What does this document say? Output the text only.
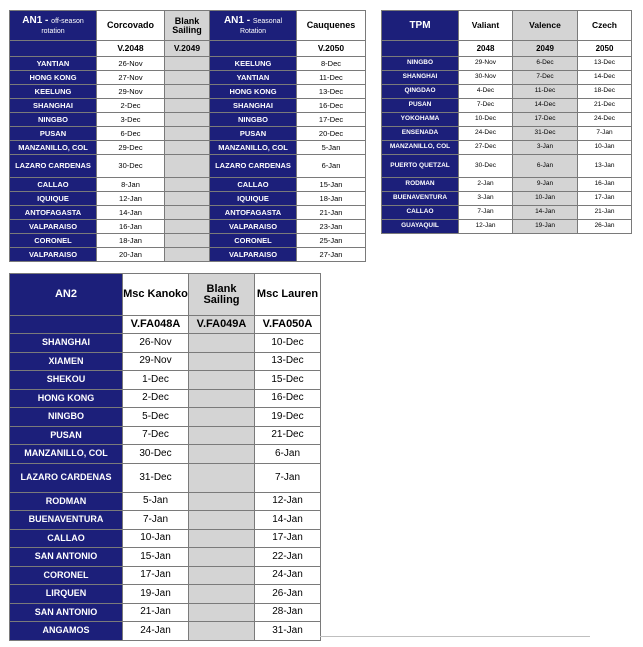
AN1 - off-season rotation	Corcovado	Blank Sailing	AN1 - Seasonal Rotation	Cauquenes
	V.2048	V.2049		V.2050
YANTIAN	26-Nov		KEELUNG	8-Dec
HONG KONG	27-Nov		YANTIAN	11-Dec
KEELUNG	29-Nov		HONG KONG	13-Dec
SHANGHAI	2-Dec		SHANGHAI	16-Dec
NINGBO	3-Dec		NINGBO	17-Dec
PUSAN	6-Dec		PUSAN	20-Dec
MANZANILLO, COL	29-Dec		MANZANILLO, COL	5-Jan
LAZARO CARDENAS	30-Dec		LAZARO CARDENAS	6-Jan
CALLAO	8-Jan		CALLAO	15-Jan
IQUIQUE	12-Jan		IQUIQUE	18-Jan
ANTOFAGASTA	14-Jan		ANTOFAGASTA	21-Jan
VALPARAISO	16-Jan		VALPARAISO	23-Jan
CORONEL	18-Jan		CORONEL	25-Jan
VALPARAISO	20-Jan		VALPARAISO	27-Jan
TPM	Valiant	Valence	Czech
	2048	2049	2050
NINGBO	29-Nov	6-Dec	13-Dec
SHANGHAI	30-Nov	7-Dec	14-Dec
QINGDAO	4-Dec	11-Dec	18-Dec
PUSAN	7-Dec	14-Dec	21-Dec
YOKOHAMA	10-Dec	17-Dec	24-Dec
ENSENADA	24-Dec	31-Dec	7-Jan
MANZANILLO, COL	27-Dec	3-Jan	10-Jan
PUERTO QUETZAL	30-Dec	6-Jan	13-Jan
RODMAN	2-Jan	9-Jan	16-Jan
BUENAVENTURA	3-Jan	10-Jan	17-Jan
CALLAO	7-Jan	14-Jan	21-Jan
GUAYAQUIL	12-Jan	19-Jan	26-Jan
AN2	Msc Kanoko	Blank Sailing	Msc Lauren
	V.FA048A	V.FA049A	V.FA050A
SHANGHAI	26-Nov		10-Dec
XIAMEN	29-Nov		13-Dec
SHEKOU	1-Dec		15-Dec
HONG KONG	2-Dec		16-Dec
NINGBO	5-Dec		19-Dec
PUSAN	7-Dec		21-Dec
MANZANILLO, COL	30-Dec		6-Jan
LAZARO CARDENAS	31-Dec		7-Jan
RODMAN	5-Jan		12-Jan
BUENAVENTURA	7-Jan		14-Jan
CALLAO	10-Jan		17-Jan
SAN ANTONIO	15-Jan		22-Jan
CORONEL	17-Jan		24-Jan
LIRQUEN	19-Jan		26-Jan
SAN ANTONIO	21-Jan		28-Jan
ANGAMOS	24-Jan		31-Jan
